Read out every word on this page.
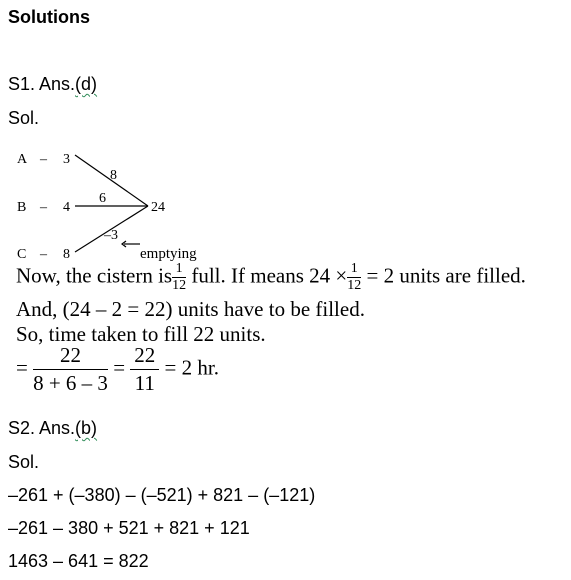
Solutions
S1. Ans.(d)
Sol.
A – 3
B – 4
C – 8
8
6
–3
24
emptying
Now, the cistern is $\frac{1}{12}$ full. If means $24 \times \frac{1}{12} = 2$ units are filled.
And, (24 – 2 = 22) units have to be filled.
So, time taken to fill 22 units.
= $\frac{22}{8 + 6 - 3} = \frac{22}{11} = 2$ hr.
S2. Ans.(b)
Sol.
–261 + (–380) – (–521) + 821 – (–121)
–261 – 380 + 521 + 821 + 121
1463 – 641 = 822
